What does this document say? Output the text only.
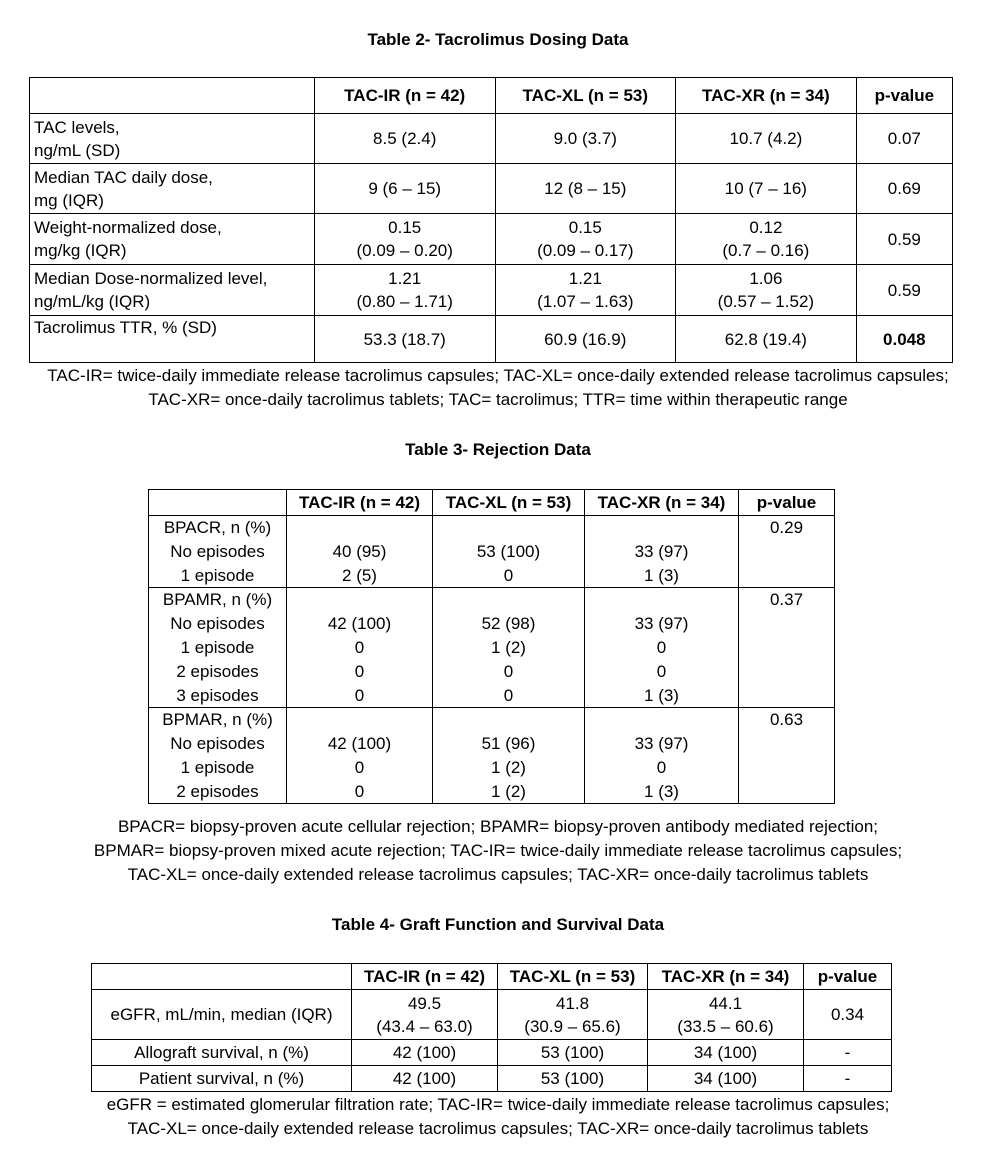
Table 2- Tacrolimus Dosing Data
	TAC-IR (n = 42)	TAC-XL (n = 53)	TAC-XR (n = 34)	p-value

TAC levels,
ng/mL (SD)	8.5 (2.4)	9.0 (3.7)	10.7 (4.2)	0.07

Median TAC daily dose,
mg (IQR)	9 (6 – 15)	12 (8 – 15)	10 (7 – 16)	0.69

Weight-normalized dose,
mg/kg (IQR)	0.15
(0.09 – 0.20)	0.15
(0.09 – 0.17)	0.12
(0.7 – 0.16)	0.59

Median Dose-normalized level,
ng/mL/kg (IQR)	1.21
(0.80 – 1.71)	1.21
(1.07 – 1.63)	1.06
(0.57 – 1.52)	0.59

Tacrolimus TTR, % (SD)	53.3 (18.7)	60.9 (16.9)	62.8 (19.4)	0.048
TAC-IR= twice-daily immediate release tacrolimus capsules; TAC-XL= once-daily extended release tacrolimus capsules;
TAC-XR= once-daily tacrolimus tablets; TAC= tacrolimus; TTR= time within therapeutic range
Table 3- Rejection Data
	TAC-IR (n = 42)	TAC-XL (n = 53)	TAC-XR (n = 34)	p-value
BPACR, n (%)				0.29
No episodes	40 (95)	53 (100)	33 (97)	
1 episode	2 (5)	0	1 (3)	
BPAMR, n (%)				0.37
No episodes	42 (100)	52 (98)	33 (97)	
1 episode	0	1 (2)	0	
2 episodes	0	0	0	
3 episodes	0	0	1 (3)	
BPMAR, n (%)				0.63
No episodes	42 (100)	51 (96)	33 (97)	
1 episode	0	1 (2)	0	
2 episodes	0	1 (2)	1 (3)	
BPACR= biopsy-proven acute cellular rejection; BPAMR= biopsy-proven antibody mediated rejection;
BPMAR= biopsy-proven mixed acute rejection; TAC-IR= twice-daily immediate release tacrolimus capsules;
TAC-XL= once-daily extended release tacrolimus capsules; TAC-XR= once-daily tacrolimus tablets
Table 4- Graft Function and Survival Data
	TAC-IR (n = 42)	TAC-XL (n = 53)	TAC-XR (n = 34)	p-value
eGFR, mL/min, median (IQR)	49.5
(43.4 – 63.0)	41.8
(30.9 – 65.6)	44.1
(33.5 – 60.6)	0.34
Allograft survival, n (%)	42 (100)	53 (100)	34 (100)	-
Patient survival, n (%)	42 (100)	53 (100)	34 (100)	-
eGFR = estimated glomerular filtration rate; TAC-IR= twice-daily immediate release tacrolimus capsules;
TAC-XL= once-daily extended release tacrolimus capsules; TAC-XR= once-daily tacrolimus tablets
